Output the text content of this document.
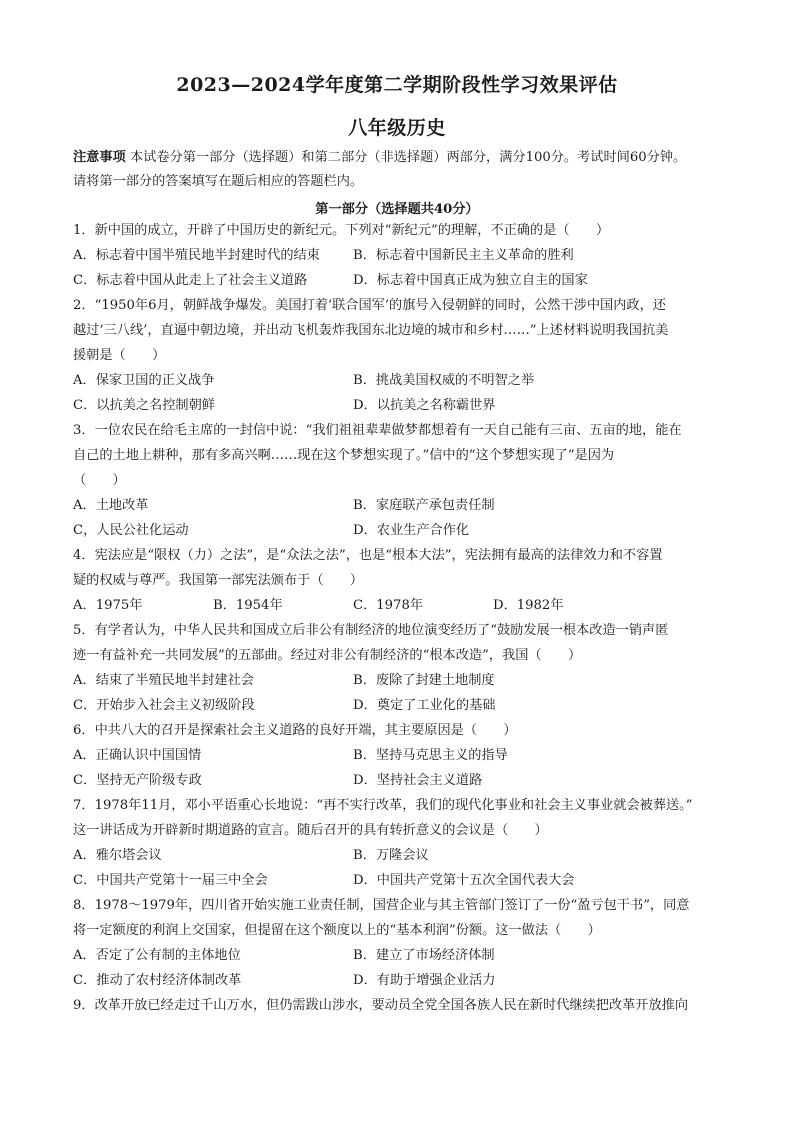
2023—2024学年度第二学期阶段性学习效果评估
八年级历史
注意事项 本试卷分第一部分（选择题）和第二部分（非选择题）两部分，满分100分。考试时间60分钟。
请将第一部分的答案填写在题后相应的答题栏内。
第一部分（选择题共40分）
1．新中国的成立，开辟了中国历史的新纪元。下列对“新纪元”的理解，不正确的是（　　）
A．标志着中国半殖民地半封建时代的结束	B．标志着中国新民主主义革命的胜利
C．标志着中国从此走上了社会主义道路	D．标志着中国真正成为独立自主的国家
2．“1950年6月，朝鲜战争爆发。美国打着‘联合国军’的旗号入侵朝鲜的同时，公然干涉中国内政，还
越过‘三八线’，直逼中朝边境，并出动飞机轰炸我国东北边境的城市和乡村……”上述材料说明我国抗美
援朝是（　　）
A．保家卫国的正义战争	B．挑战美国权威的不明智之举
C．以抗美之名控制朝鲜	D．以抗美之名称霸世界
3．一位农民在给毛主席的一封信中说：“我们祖祖辈辈做梦都想着有一天自己能有三亩、五亩的地，能在
自己的土地上耕种，那有多高兴啊……现在这个梦想实现了。”信中的“这个梦想实现了”是因为
（　　）
A．土地改革	B．家庭联产承包责任制
C，人民公社化运动	D．农业生产合作化
4．宪法应是“限权（力）之法”，是“众法之法”，也是“根本大法”，宪法拥有最高的法律效力和不容置
疑的权威与尊严。我国第一部宪法颁布于（　　）
A．1975年	B．1954年	C．1978年	D．1982年
5．有学者认为，中华人民共和国成立后非公有制经济的地位演变经历了“鼓励发展一根本改造一销声匿
迹一有益补充一共同发展”的五部曲。经过对非公有制经济的“根本改造”，我国（　　）
A．结束了半殖民地半封建社会	B．废除了封建土地制度
C．开始步入社会主义初级阶段	D．奠定了工业化的基础
6．中共八大的召开是探索社会主义道路的良好开端，其主要原因是（　　）
A．正确认识中国国情	B．坚持马克思主义的指导
C．坚持无产阶级专政	D．坚持社会主义道路
7．1978年11月，邓小平语重心长地说：“再不实行改革，我们的现代化事业和社会主义事业就会被葬送。”
这一讲话成为开辟新时期道路的宣言。随后召开的具有转折意义的会议是（　　）
A．雅尔塔会议	B．万隆会议
C．中国共产党第十一届三中全会	D．中国共产党第十五次全国代表大会
8．1978～1979年，四川省开始实施工业责任制，国营企业与其主管部门签订了一份“盈亏包干书”，同意
将一定额度的利润上交国家，但提留在这个额度以上的“基本利润”份额。这一做法（　　）
A．否定了公有制的主体地位	B．建立了市场经济体制
C．推动了农村经济体制改革	D．有助于增强企业活力
9．改革开放已经走过千山万水，但仍需跋山涉水，要动员全党全国各族人民在新时代继续把改革开放推向
